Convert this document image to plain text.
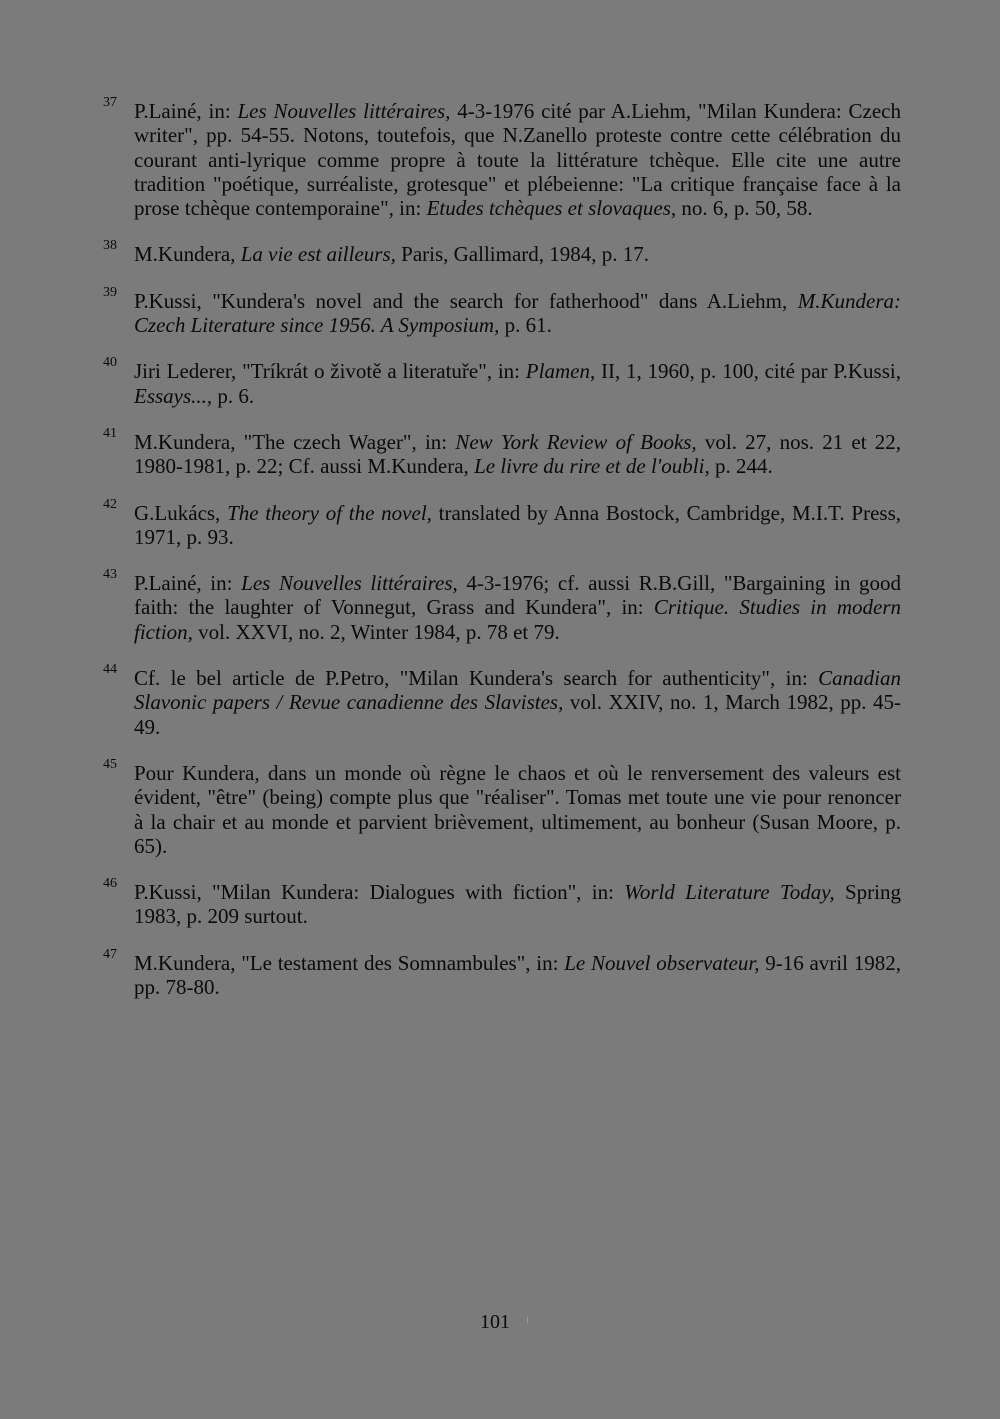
37 P.Lainé, in: Les Nouvelles littéraires, 4-3-1976 cité par A.Liehm, "Milan Kundera: Czech writer", pp. 54-55. Notons, toutefois, que N.Zanello proteste contre cette célébration du courant anti-lyrique comme propre à toute la littérature tchèque. Elle cite une autre tradition "poétique, surréaliste, grotesque" et plébeienne: "La critique française face à la prose tchèque contemporaine", in: Etudes tchèques et slovaques, no. 6, p. 50, 58.
38 M.Kundera, La vie est ailleurs, Paris, Gallimard, 1984, p. 17.
39 P.Kussi, "Kundera's novel and the search for fatherhood" dans A.Liehm, M.Kundera: Czech Literature since 1956. A Symposium, p. 61.
40 Jiri Lederer, "Tríkrát o životě a literatuře", in: Plamen, II, 1, 1960, p. 100, cité par P.Kussi, Essays..., p. 6.
41 M.Kundera, "The czech Wager", in: New York Review of Books, vol. 27, nos. 21 et 22, 1980-1981, p. 22; Cf. aussi M.Kundera, Le livre du rire et de l'oubli, p. 244.
42 G.Lukács, The theory of the novel, translated by Anna Bostock, Cambridge, M.I.T. Press, 1971, p. 93.
43 P.Lainé, in: Les Nouvelles littéraires, 4-3-1976; cf. aussi R.B.Gill, "Bargaining in good faith: the laughter of Vonnegut, Grass and Kundera", in: Critique. Studies in modern fiction, vol. XXVI, no. 2, Winter 1984, p. 78 et 79.
44 Cf. le bel article de P.Petro, "Milan Kundera's search for authenticity", in: Canadian Slavonic papers / Revue canadienne des Slavistes, vol. XXIV, no. 1, March 1982, pp. 45-49.
45 Pour Kundera, dans un monde où règne le chaos et où le renversement des valeurs est évident, "être" (being) compte plus que "réaliser". Tomas met toute une vie pour renoncer à la chair et au monde et parvient brièvement, ultimement, au bonheur (Susan Moore, p. 65).
46 P.Kussi, "Milan Kundera: Dialogues with fiction", in: World Literature Today, Spring 1983, p. 209 surtout.
47 M.Kundera, "Le testament des Somnambules", in: Le Nouvel observateur, 9-16 avril 1982, pp. 78-80.
101
